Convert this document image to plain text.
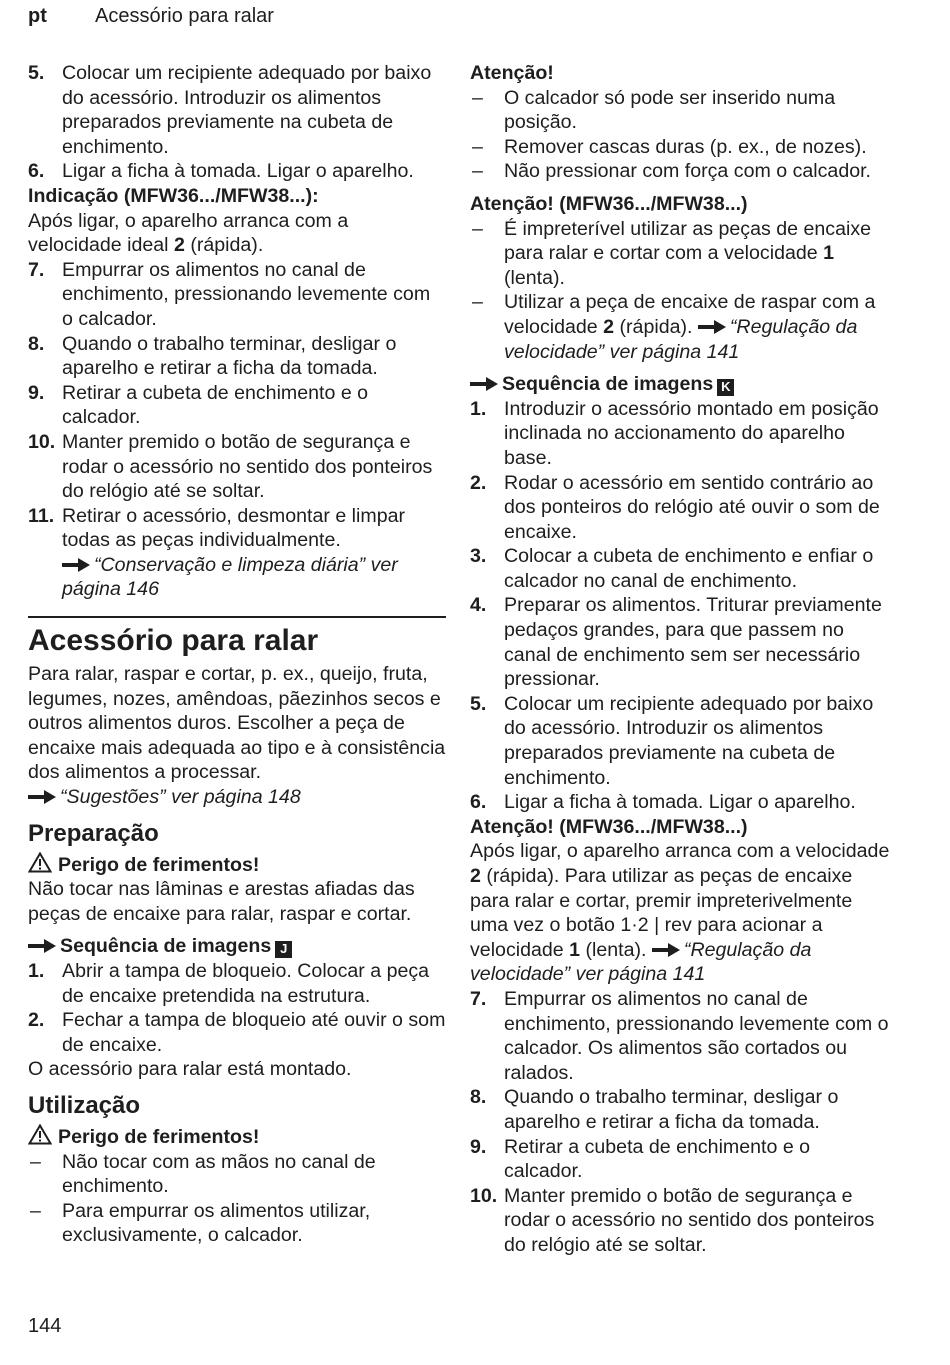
pt	Acessório para ralar
5. Colocar um recipiente adequado por baixo do acessório. Introduzir os alimentos preparados previamente na cubeta de enchimento.
6. Ligar a ficha à tomada. Ligar o aparelho.
Indicação (MFW36.../MFW38...):
Após ligar, o aparelho arranca com a velocidade ideal 2 (rápida).
7. Empurrar os alimentos no canal de enchimento, pressionando levemente com o calcador.
8. Quando o trabalho terminar, desligar o aparelho e retirar a ficha da tomada.
9. Retirar a cubeta de enchimento e o calcador.
10. Manter premido o botão de segurança e rodar o acessório no sentido dos ponteiros do relógio até se soltar.
11. Retirar o acessório, desmontar e limpar todas as peças individualmente.
“Conservação e limpeza diária” ver página 146
Acessório para ralar
Para ralar, raspar e cortar, p. ex., queijo, fruta, legumes, nozes, amêndoas, pãezinhos secos e outros alimentos duros. Escolher a peça de encaixe mais adequada ao tipo e à consistência dos alimentos a processar.
“Sugestões” ver página 148
Preparação
Perigo de ferimentos!
Não tocar nas lâminas e arestas afiadas das peças de encaixe para ralar, raspar e cortar.
Sequência de imagens J
1. Abrir a tampa de bloqueio. Colocar a peça de encaixe pretendida na estrutura.
2. Fechar a tampa de bloqueio até ouvir o som de encaixe.
O acessório para ralar está montado.
Utilização
Perigo de ferimentos!
–	Não tocar com as mãos no canal de enchimento.
–	Para empurrar os alimentos utilizar, exclusivamente, o calcador.
Atenção!
–	O calcador só pode ser inserido numa posição.
–	Remover cascas duras (p. ex., de nozes).
–	Não pressionar com força com o calcador.
Atenção! (MFW36.../MFW38...)
–	É impreterível utilizar as peças de encaixe para ralar e cortar com a velocidade 1 (lenta).
–	Utilizar a peça de encaixe de raspar com a velocidade 2 (rápida). “Regulação da velocidade” ver página 141
Sequência de imagens K
1. Introduzir o acessório montado em posição inclinada no accionamento do aparelho base.
2. Rodar o acessório em sentido contrário ao dos ponteiros do relógio até ouvir o som de encaixe.
3. Colocar a cubeta de enchimento e enfiar o calcador no canal de enchimento.
4. Preparar os alimentos. Triturar previamente pedaços grandes, para que passem no canal de enchimento sem ser necessário pressionar.
5. Colocar um recipiente adequado por baixo do acessório. Introduzir os alimentos preparados previamente na cubeta de enchimento.
6. Ligar a ficha à tomada. Ligar o aparelho.
Atenção! (MFW36.../MFW38...)
Após ligar, o aparelho arranca com a velocidade 2 (rápida). Para utilizar as peças de encaixe para ralar e cortar, premir impreterivelmente uma vez o botão 1·2 | rev para acionar a velocidade 1 (lenta). “Regulação da velocidade” ver página 141
7. Empurrar os alimentos no canal de enchimento, pressionando levemente com o calcador. Os alimentos são cortados ou ralados.
8. Quando o trabalho terminar, desligar o aparelho e retirar a ficha da tomada.
9. Retirar a cubeta de enchimento e o calcador.
10. Manter premido o botão de segurança e rodar o acessório no sentido dos ponteiros do relógio até se soltar.
144
